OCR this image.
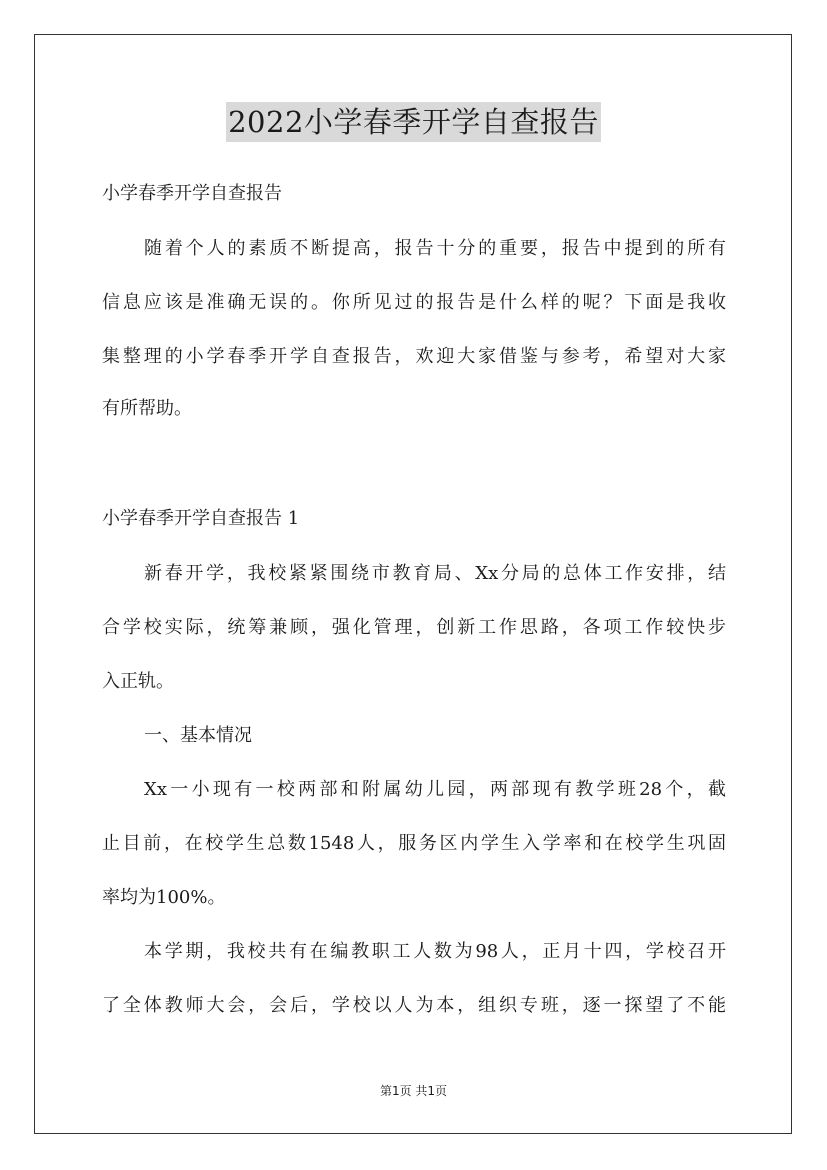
2022小学春季开学自查报告
小学春季开学自查报告
随着个人的素质不断提高，报告十分的重要，报告中提到的所有
信息应该是准确无误的。你所见过的报告是什么样的呢？下面是我收
集整理的小学春季开学自查报告，欢迎大家借鉴与参考，希望对大家
有所帮助。
小学春季开学自查报告 1
新春开学，我校紧紧围绕市教育局、Xx分局的总体工作安排，结
合学校实际，统筹兼顾，强化管理，创新工作思路，各项工作较快步
入正轨。
一、基本情况
Xx一小现有一校两部和附属幼儿园，两部现有教学班28个，截
止目前，在校学生总数1548人，服务区内学生入学率和在校学生巩固
率均为100%。
本学期，我校共有在编教职工人数为98人，正月十四，学校召开
了全体教师大会，会后，学校以人为本，组织专班，逐一探望了不能
第1页 共1页
